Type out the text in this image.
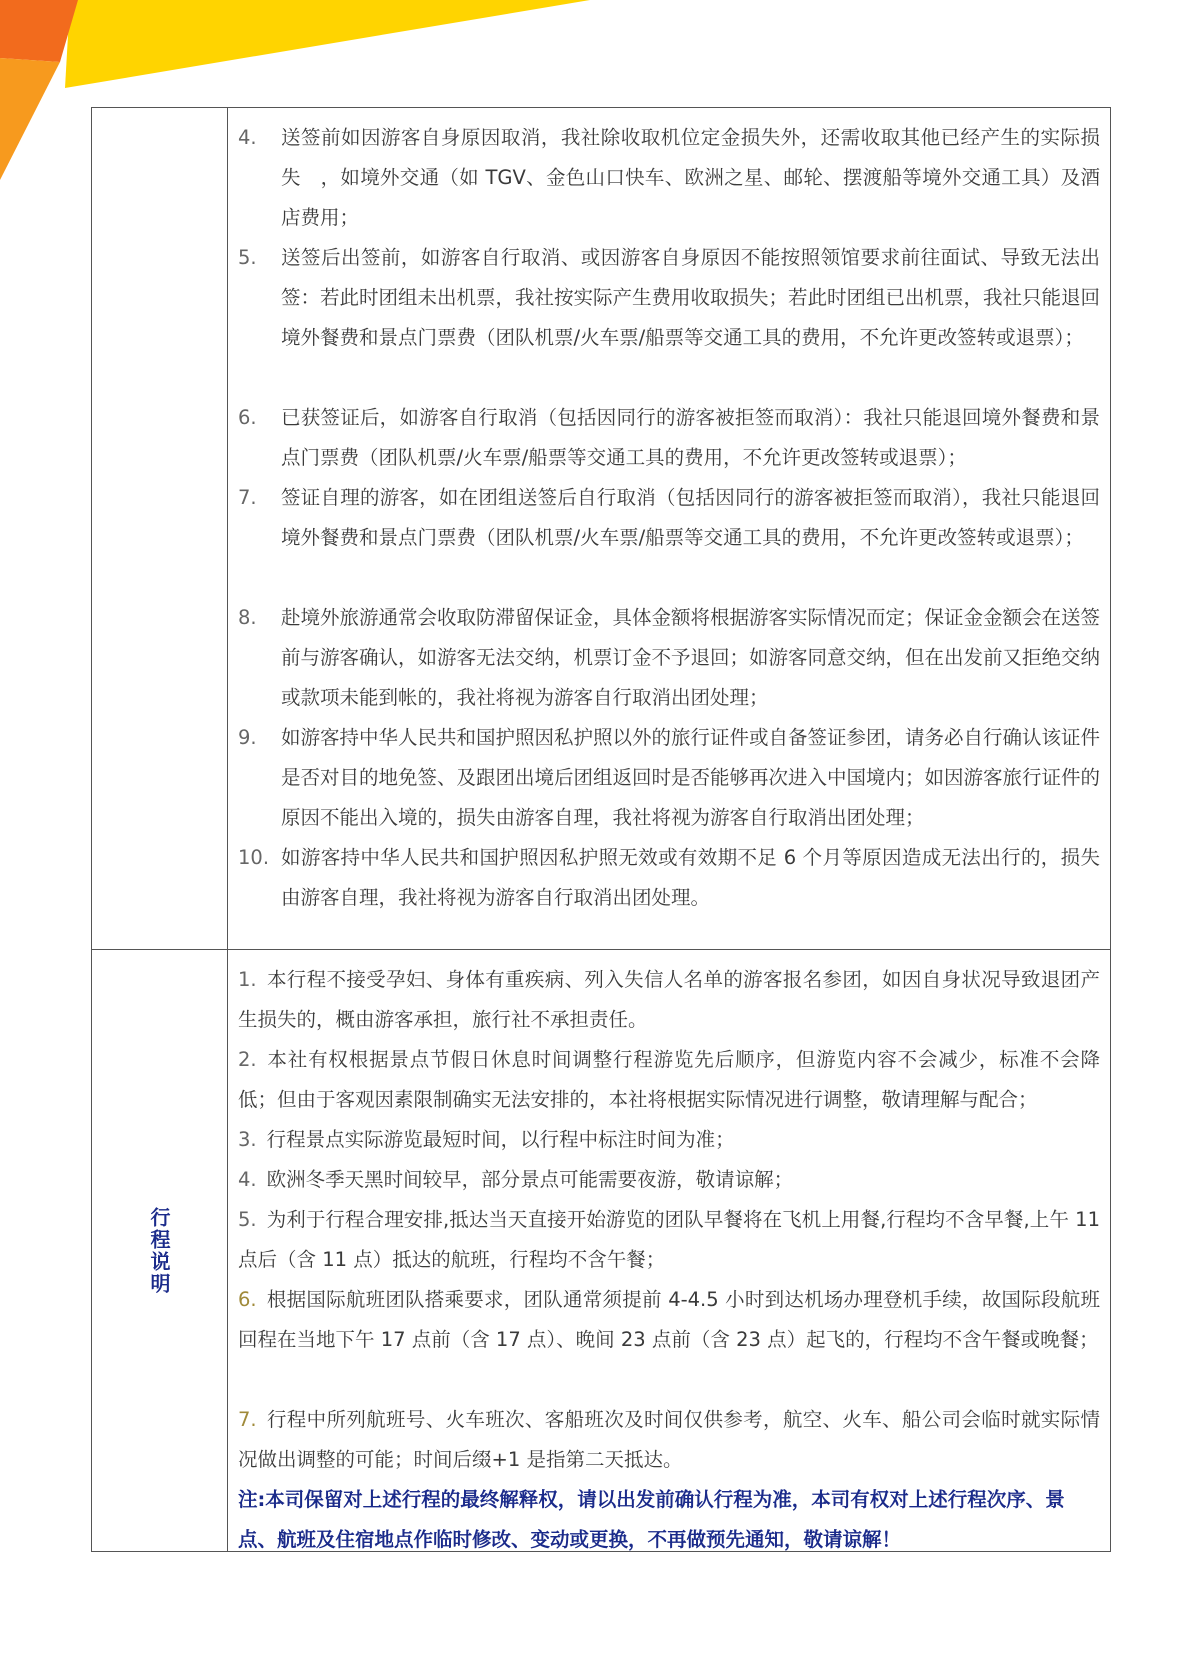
4. 送签前如因游客自身原因取消，我社除收取机位定金损失外，还需收取其他已经产生的实际损失　，如境外交通（如 TGV、金色山口快车、欧洲之星、邮轮、摆渡船等境外交通工具）及酒店费用；
5. 送签后出签前，如游客自行取消、或因游客自身原因不能按照领馆要求前往面试、导致无法出签：若此时团组未出机票，我社按实际产生费用收取损失；若此时团组已出机票，我社只能退回境外餐费和景点门票费（团队机票/火车票/船票等交通工具的费用，不允许更改签转或退票）；
6. 已获签证后，如游客自行取消（包括因同行的游客被拒签而取消）：我社只能退回境外餐费和景点门票费（团队机票/火车票/船票等交通工具的费用，不允许更改签转或退票）；
7. 签证自理的游客，如在团组送签后自行取消（包括因同行的游客被拒签而取消），我社只能退回境外餐费和景点门票费（团队机票/火车票/船票等交通工具的费用，不允许更改签转或退票）；
8. 赴境外旅游通常会收取防滞留保证金，具体金额将根据游客实际情况而定；保证金金额会在送签前与游客确认，如游客无法交纳，机票订金不予退回；如游客同意交纳，但在出发前又拒绝交纳或款项未能到帐的，我社将视为游客自行取消出团处理；
9. 如游客持中华人民共和国护照因私护照以外的旅行证件或自备签证参团，请务必自行确认该证件是否对目的地免签、及跟团出境后团组返回时是否能够再次进入中国境内；如因游客旅行证件的原因不能出入境的，损失由游客自理，我社将视为游客自行取消出团处理；
10. 如游客持中华人民共和国护照因私护照无效或有效期不足 6 个月等原因造成无法出行的，损失由游客自理，我社将视为游客自行取消出团处理。
行程说明
1. 本行程不接受孕妇、身体有重疾病、列入失信人名单的游客报名参团，如因自身状况导致退团产生损失的，概由游客承担，旅行社不承担责任。
2. 本社有权根据景点节假日休息时间调整行程游览先后顺序，但游览内容不会减少，标准不会降低；但由于客观因素限制确实无法安排的，本社将根据实际情况进行调整，敬请理解与配合；
3. 行程景点实际游览最短时间，以行程中标注时间为准；
4. 欧洲冬季天黑时间较早，部分景点可能需要夜游，敬请谅解；
5. 为利于行程合理安排,抵达当天直接开始游览的团队早餐将在飞机上用餐,行程均不含早餐,上午 11 点后（含 11 点）抵达的航班，行程均不含午餐；
6. 根据国际航班团队搭乘要求，团队通常须提前 4-4.5 小时到达机场办理登机手续，故国际段航班回程在当地下午 17 点前（含 17 点）、晚间 23 点前（含 23 点）起飞的，行程均不含午餐或晚餐；
7. 行程中所列航班号、火车班次、客船班次及时间仅供参考，航空、火车、船公司会临时就实际情况做出调整的可能；时间后缀+1 是指第二天抵达。
注:本司保留对上述行程的最终解释权，请以出发前确认行程为准，本司有权对上述行程次序、景点、航班及住宿地点作临时修改、变动或更换，不再做预先通知，敬请谅解！
